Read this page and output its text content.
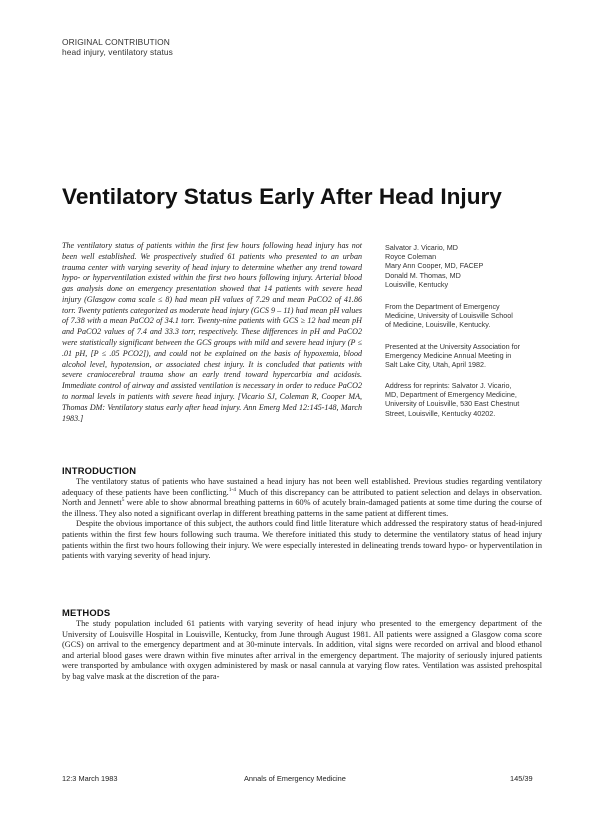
ORIGINAL CONTRIBUTION
head injury, ventilatory status
Ventilatory Status Early After Head Injury
The ventilatory status of patients within the first few hours following head injury has not been well established. We prospectively studied 61 patients who presented to an urban trauma center with varying severity of head injury to determine whether any trend toward hypo- or hyperventilation existed within the first two hours following injury. Arterial blood gas analysis done on emergency presentation showed that 14 patients with severe head injury (Glasgow coma scale ≤ 8) had mean pH values of 7.29 and mean PaCO2 of 41.86 torr. Twenty patients categorized as moderate head injury (GCS 9 – 11) had mean pH values of 7.38 with a mean PaCO2 of 34.1 torr. Twenty-nine patients with GCS ≥ 12 had mean pH and PaCO2 values of 7.4 and 33.3 torr, respectively. These differences in pH and PaCO2 were statistically significant between the GCS groups with mild and severe head injury (P ≤ .01 pH, [P ≤ .05 PCO2]), and could not be explained on the basis of hypoxemia, blood alcohol level, hypotension, or associated chest injury. It is concluded that patients with severe craniocerebral trauma show an early trend toward hypercarbia and acidosis. Immediate control of airway and assisted ventilation is necessary in order to reduce PaCO2 to normal levels in patients with severe head injury. [Vicario SJ, Coleman R, Cooper MA, Thomas DM: Ventilatory status early after head injury. Ann Emerg Med 12:145-148, March 1983.]
Salvator J. Vicario, MD
Royce Coleman
Mary Ann Cooper, MD, FACEP
Donald M. Thomas, MD
Louisville, Kentucky
From the Department of Emergency
Medicine, University of Louisville School
of Medicine, Louisville, Kentucky.
Presented at the University Association for
Emergency Medicine Annual Meeting in
Salt Lake City, Utah, April 1982.
Address for reprints: Salvator J. Vicario,
MD, Department of Emergency Medicine,
University of Louisville, 530 East Chestnut
Street, Louisville, Kentucky 40202.
INTRODUCTION

The ventilatory status of patients who have sustained a head injury has not been well established. Previous studies regarding ventilatory adequacy of these patients have been conflicting.$^{1-4}$ Much of this discrepancy can be attributed to patient selection and delays in observation. North and Jennett$^5$ were able to show abnormal breathing patterns in 60% of acutely brain-damaged patients at some time during the course of the illness. They also noted a significant overlap in different breathing patterns in the same patient at different times.

Despite the obvious importance of this subject, the authors could find little literature which addressed the respiratory status of head-injured patients within the first few hours following such trauma. We therefore initiated this study to determine the ventilatory status of head injury patients within the first two hours following their injury. We were especially interested in delineating trends toward hypo- or hyperventilation in patients with varying severity of head injury.

METHODS

The study population included 61 patients with varying severity of head injury who presented to the emergency department of the University of Louisville Hospital in Louisville, Kentucky, from June through August 1981. All patients were assigned a Glasgow coma score (GCS) on arrival to the emergency department and at 30-minute intervals. In addition, vital signs were recorded on arrival and blood ethanol and arterial blood gases were drawn within five minutes after arrival in the emergency department. The majority of seriously injured patients were transported by ambulance with oxygen administered by mask or nasal cannula at varying flow rates. Ventilation was assisted prehospital by bag valve mask at the discretion of the para-

12:3 March 1983	Annals of Emergency Medicine	145/39
